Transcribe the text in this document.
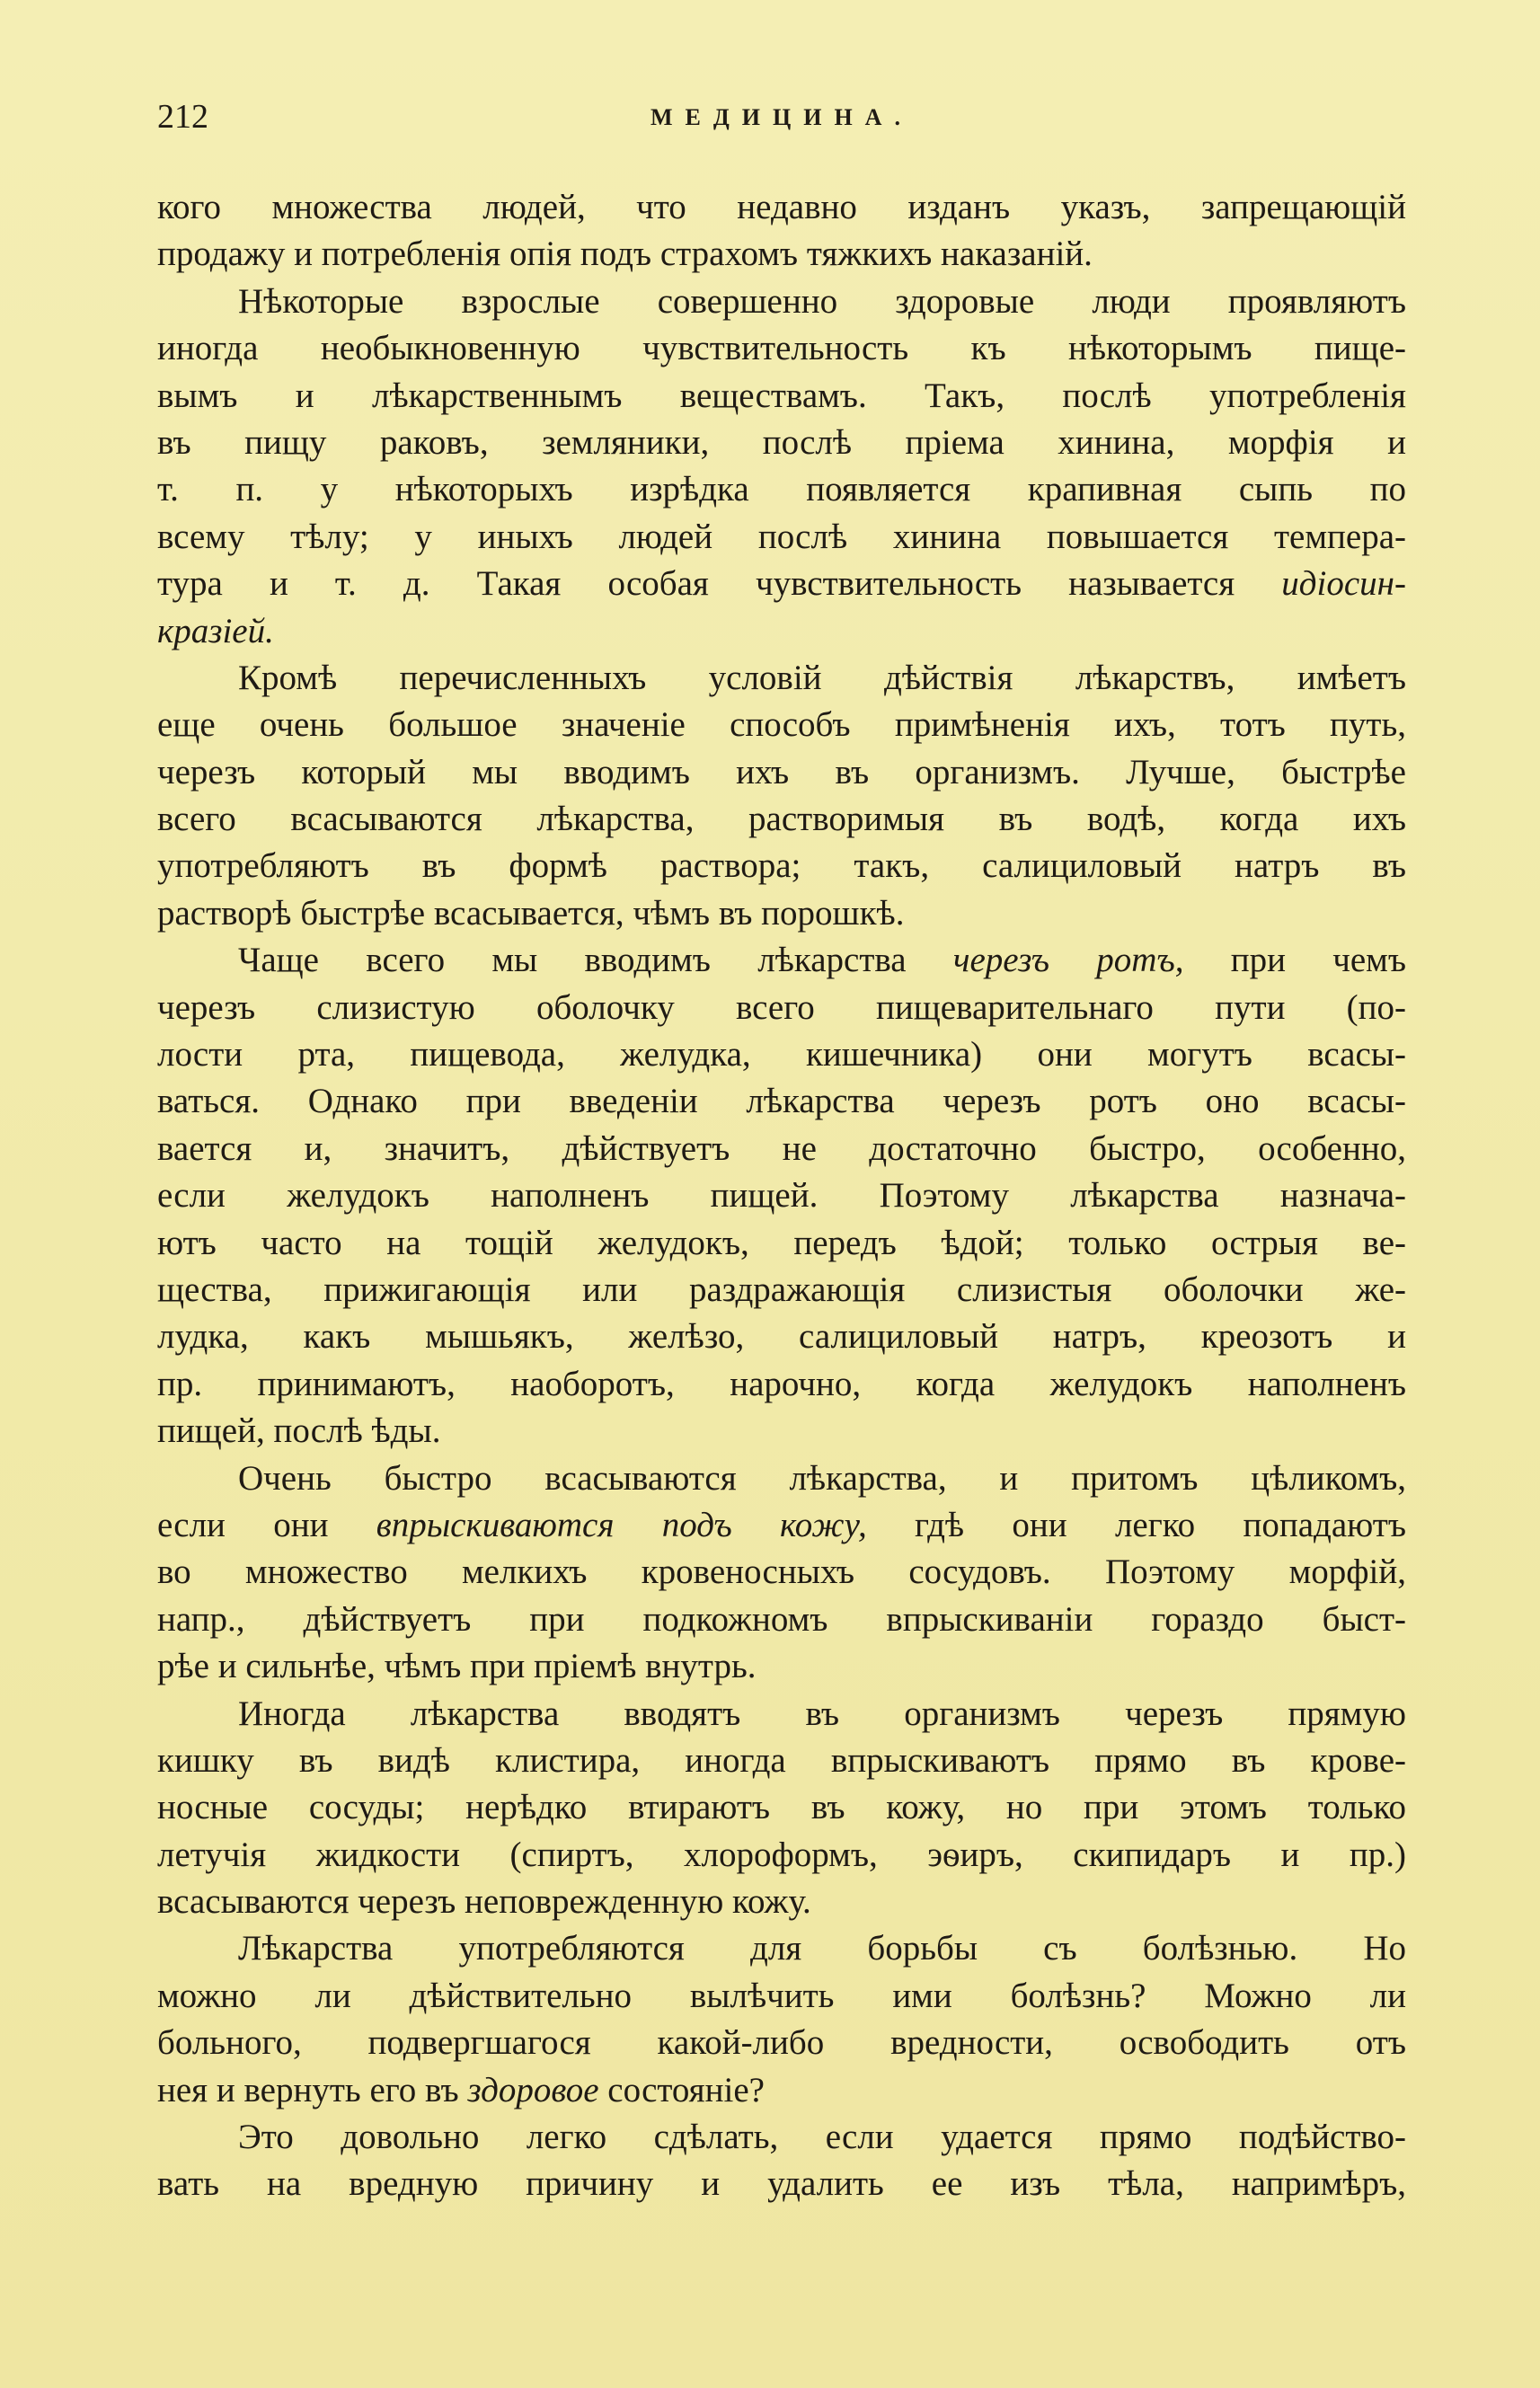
212	МЕДИЦИНА.
кого множества людей, что недавно изданъ указъ, запрещающій
продажу и потребленія опія подъ страхомъ тяжкихъ наказаній.
Нѣкоторые взрослые совершенно здоровые люди проявляютъ
иногда необыкновенную чувствительность къ нѣкоторымъ пище-
вымъ и лѣкарственнымъ веществамъ. Такъ, послѣ употребленія
въ пищу раковъ, земляники, послѣ пріема хинина, морфія и
т. п. у нѣкоторыхъ изрѣдка появляется крапивная сыпь по
всему тѣлу; у иныхъ людей послѣ хинина повышается темпера-
тура и т. д. Такая особая чувствительность называется идіосин-
кразіей.
Кромѣ перечисленныхъ условій дѣйствія лѣкарствъ, имѣетъ
еще очень большое значеніе способъ примѣненія ихъ, тотъ путь,
черезъ который мы вводимъ ихъ въ организмъ. Лучше, быстрѣе
всего всасываются лѣкарства, растворимыя въ водѣ, когда ихъ
употребляютъ въ формѣ раствора; такъ, салициловый натръ въ
растворѣ быстрѣе всасывается, чѣмъ въ порошкѣ.
Чаще всего мы вводимъ лѣкарства черезъ ротъ, при чемъ
черезъ слизистую оболочку всего пищеварительнаго пути (по-
лости рта, пищевода, желудка, кишечника) они могутъ всасы-
ваться. Однако при введеніи лѣкарства черезъ ротъ оно всасы-
вается и, значитъ, дѣйствуетъ не достаточно быстро, особенно,
если желудокъ наполненъ пищей. Поэтому лѣкарства назнача-
ютъ часто на тощій желудокъ, передъ ѣдой; только острыя ве-
щества, прижигающія или раздражающія слизистыя оболочки же-
лудка, какъ мышьякъ, желѣзо, салициловый натръ, креозотъ и
пр. принимаютъ, наоборотъ, нарочно, когда желудокъ наполненъ
пищей, послѣ ѣды.
Очень быстро всасываются лѣкарства, и притомъ цѣликомъ,
если они впрыскиваются подъ кожу, гдѣ они легко попадаютъ
во множество мелкихъ кровеносныхъ сосудовъ. Поэтому морфій,
напр., дѣйствуетъ при подкожномъ впрыскиваніи гораздо быст-
рѣе и сильнѣе, чѣмъ при пріемѣ внутрь.
Иногда лѣкарства вводятъ въ организмъ черезъ прямую
кишку въ видѣ клистира, иногда впрыскиваютъ прямо въ крове-
носные сосуды; нерѣдко втираютъ въ кожу, но при этомъ только
летучія жидкости (спиртъ, хлороформъ, эѳиръ, скипидаръ и пр.)
всасываются черезъ неповрежденную кожу.
Лѣкарства употребляются для борьбы съ болѣзнью. Но
можно ли дѣйствительно вылѣчить ими болѣзнь? Можно ли
больного, подвергшагося какой-либо вредности, освободить отъ
нея и вернуть его въ здоровое состояніе?
Это довольно легко сдѣлать, если удается прямо подѣйство-
вать на вредную причину и удалить ее изъ тѣла, напримѣръ,
